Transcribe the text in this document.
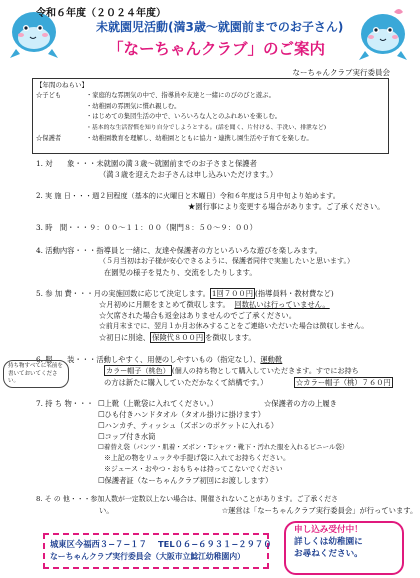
令和６年度（２０２４年度）
未就園児活動(満3歳～就園前までのお子さん)
「なーちゃんクラブ」のご案内
なーちゃんクラブ実行委員会
【年間のねらい】
☆子ども	・家庭的な雰囲気の中で、指導員や友達と一緒にのびのびと遊ぶ。
・幼稚園の雰囲気に慣れ親しむ。
・はじめての集団生活の中で、いろいろな人とのふれあいを楽しむ。
・基本的な生活習慣を知り自分でしようとする。(話を聞く、片付ける、手洗い、排泄など)
☆保護者	・幼稚園教育を理解し、幼稚園とともに協力・連携し園生活や子育てを楽しむ。
1. 対　　象・・・未就園の満３歳～就園前までのお子さまと保護者
（満３歳を迎えたお子さんは申し込みいただけます。）
2. 実 施 日・・・週２回程度（基本的に火曜日と木曜日）令和６年度は５月中旬より始めます。
★園行事により変更する場合があります。ご了承ください。
3. 時　間・・・９：００～１１：００（開門８：５０～９：００）
4. 活動内容・・・指導員と一緒に、友達や保護者の方といろいろな遊びを楽しみます。
（５月当初はお子様が安心できるように、保護者同伴で実施したいと思います。）
在園児の様子を見たり、交流をしたりします。
5. 参 加 費・・・月の実施回数に応じて決定します。 1回７００円 (指導員料・教材費など)
☆月初めに月額をまとめて徴収します。 回数払いは行っていません。
☆欠席された場合も返金はありませんのでご了承ください。
☆前月末までに、翌月１か月お休みすることをご連絡いただいた場合は徴収しません。
☆初日に別途、 保険代８００円 を徴収します。
6. 服　　装・・・活動しやすく、用便のしやすいもの（指定なし）、運動靴
カラー帽子（桃色） (個人の持ち物として購入していただきます。すでにお持ち
の方は新たに購入していただかなくて結構です。）	☆カラー帽子（桃）７６０円
持ち物すべてに名前を書いておいてください。
7. 持 ち 物・・・ ☐上靴（上靴袋に入れてください。）	☆保護者の方の上履き
☐ひも付きハンドタオル（タオル掛けに掛けます）
☐ハンカチ、ティッシュ（ズボンのポケットに入れる）
☐コップ付き水筒
☐着替え袋（パンツ・肌着・ズボン・Tシャツ・靴下・汚れた服を入れるビニール袋）
※上記の物をリュックや手提げ袋に入れてお持ちください。
※ジュース・おやつ・おもちゃは持ってこないでください
☐保護者証（なーちゃんクラブ初回にお渡しします）
8. そ の 他・・・参加人数が一定数以上ない場合は、開催されないことがあります。ご了承くださ
い。	☆運営は「なーちゃんクラブ実行委員会」が行っています。
城東区今福西３−７−１７ TEL０６−６９３１−２９７０
なーちゃんクラブ実行委員会（大阪市立鯰江幼稚園内）
申し込み受付中！
詳しくは幼稚園に
お尋ねください。
